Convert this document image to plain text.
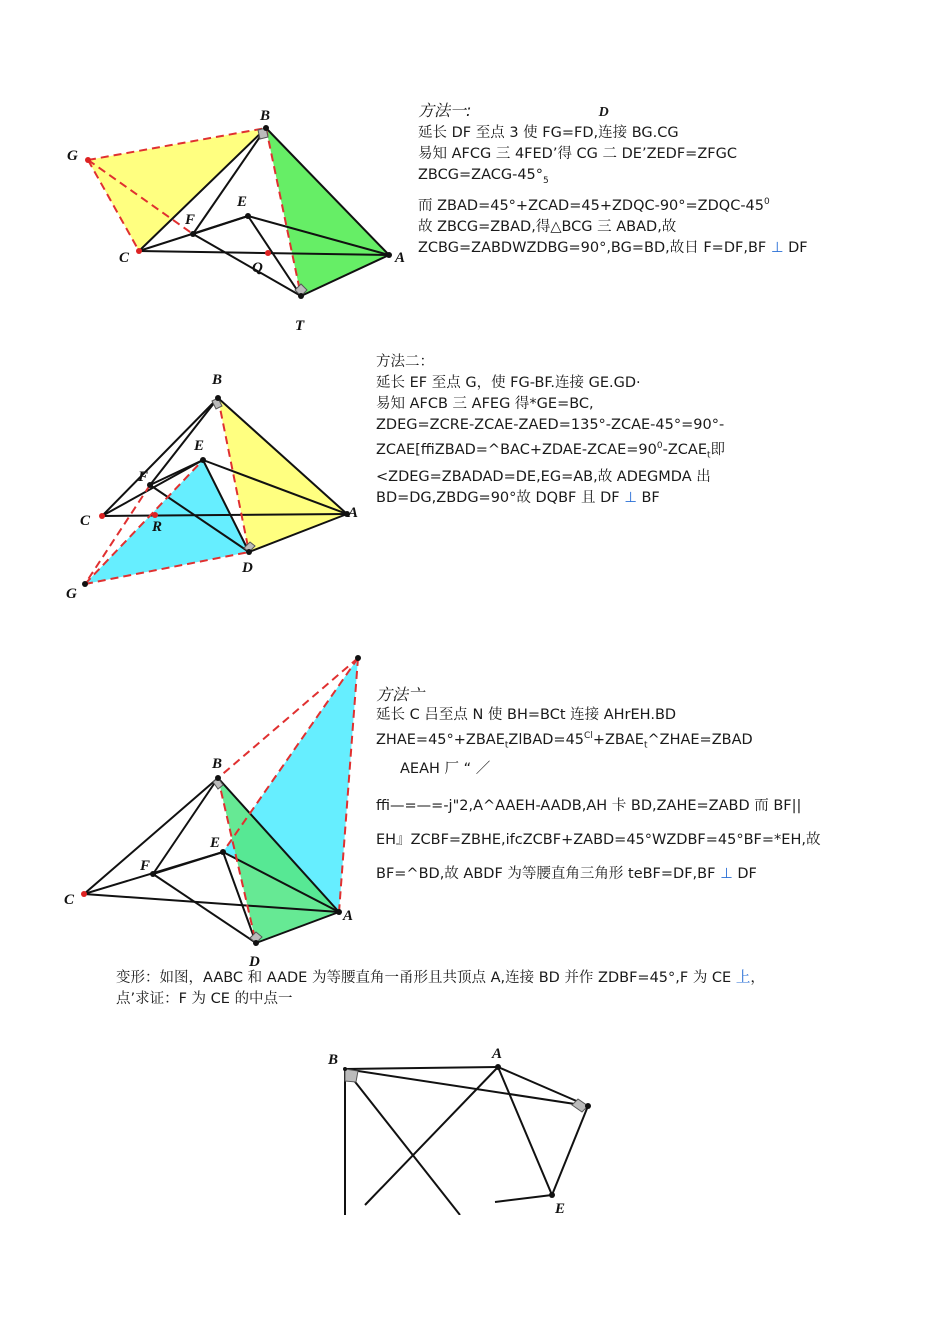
B
G
F
E
C
Q
A
T
方法一:	D
延长 DF 至点 3 使 FG=FD,连接 BG.CG
易知 AFCG 三 4FED’得 CG 二 DE’ZEDF=ZFGC
$ZBCG=ZACG-45^\circ_5$
而 $ZBAD=45^\circ+ZCAD=45+ZDQC-90^\circ=ZDQC-45^0$
故 ZBCG=ZBAD,得△BCG 三 ABAD,故
ZCBG=ZABDWZDBG=90°,BG=BD,故日 F=DF,BF ⊥ DF
B
E
F
C	R
A
D
G
方法二：
延长 EF 至点 G，使 FG-BF.连接 GE.GD·
易知 AFCB 三 AFEG 得*GE=BC,
ZDEG=ZCRE-ZCAE-ZAED=135°-ZCAE-45°=90°-
$ZCAE[ffiZBAD=\^{}BAC+ZDAE-ZCAE=90^0-ZCAE_t$即
<ZDEG=ZBADAD=DE,EG=AB,故 ADEGMDA 出
BD=DG,ZBDG=90°故 DQBF 且 DF ⊥ BF
B
E
F
C
A
D
方法亠
延长 C 吕至点 N 使 BH=BCt 连接 AHrEH.BD
$ZHAE=45^\circ+ZBAE_tZlBAD=45^{Cl}+ZBAE_t\^{}ZHAE=ZBAD$
AEAH 厂 “ ／
ffi—=—=-j"2,A^AAEH-AADB,AH 卡 BD,ZAHE=ZABD 而 BF||
EH』ZCBF=ZBHE,ifcZCBF+ZABD=45°WZDBF=45°BF=*EH,故
BF=^BD,故 ABDF 为等腰直角三角形 teBF=DF,BF ⊥ DF
变形：如图，AABC 和 AADE 为等腰直角一甬形且共顶点 A,连接 BD 并作 ZDBF=45°,F 为 CE 上，
点’求证：F 为 CE 的中点一
B	A
E
